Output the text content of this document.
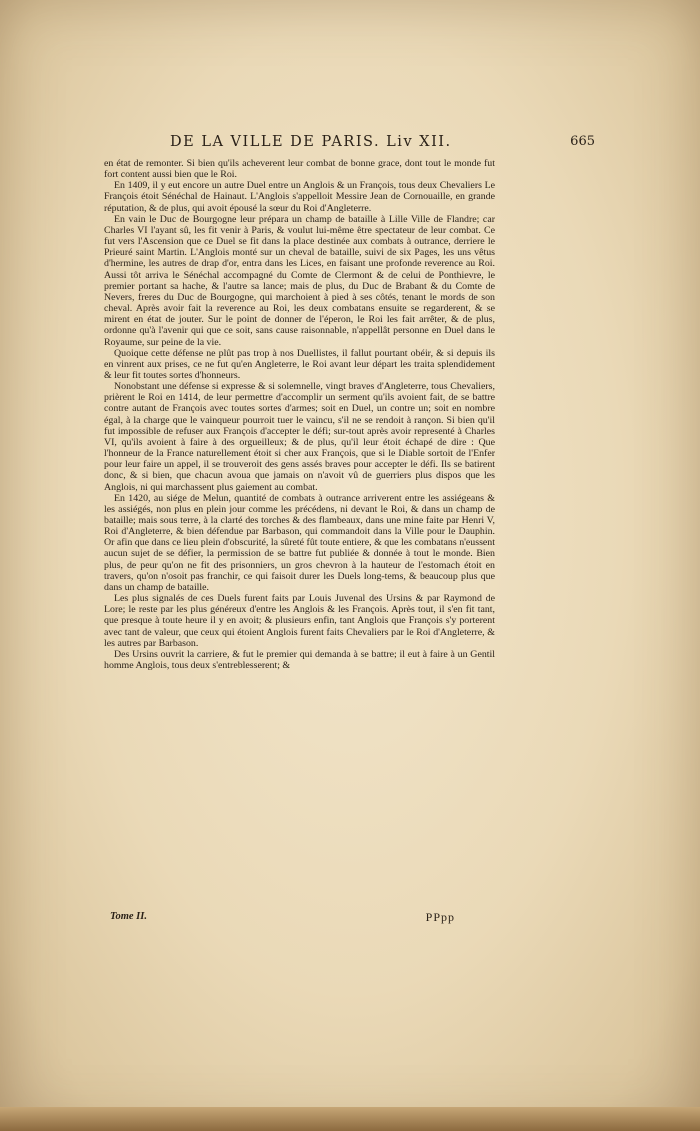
DE LA VILLE DE PARIS. Liv XII.	665

en état de remonter. Si bien qu'ils acheverent leur combat de bonne grace, dont tout le monde fut fort content aussi bien que le Roi.

En 1409, il y eut encore un autre Duel entre un Anglois & un François, tous deux Chevaliers Le François étoit Sénéchal de Hainaut. L'Anglois s'appelloit Messire Jean de Cornouaille, en grande réputation, & de plus, qui avoit épousé la sœur du Roi d'Angleterre.

En vain le Duc de Bourgogne leur prépara un champ de bataille à Lille Ville de Flandre; car Charles VI l'ayant sû, les fit venir à Paris, & voulut lui-même être spectateur de leur combat. Ce fut vers l'Ascension que ce Duel se fit dans la place destinée aux combats à outrance, derriere le Prieuré saint Martin. L'Anglois monté sur un cheval de bataille, suivi de six Pages, les uns vêtus d'hermine, les autres de drap d'or, entra dans les Lices, en faisant une profonde reverence au Roi. Aussi tôt arriva le Sénéchal accompagné du Comte de Clermont & de celui de Ponthievre, le premier portant sa hache, & l'autre sa lance; mais de plus, du Duc de Brabant & du Comte de Nevers, freres du Duc de Bourgogne, qui marchoient à pied à ses côtés, tenant le mords de son cheval. Après avoir fait la reverence au Roi, les deux combatans ensuite se regarderent, & se mirent en état de jouter. Sur le point de donner de l'éperon, le Roi les fait arrêter, & de plus, ordonne qu'à l'avenir qui que ce soit, sans cause raisonnable, n'appellât personne en Duel dans le Royaume, sur peine de la vie.

Quoique cette défense ne plût pas trop à nos Duellistes, il fallut pourtant obéir, & si depuis ils en vinrent aux prises, ce ne fut qu'en Angleterre, le Roi avant leur départ les traita splendidement & leur fit toutes sortes d'honneurs.

Nonobstant une défense si expresse & si solemnelle, vingt braves d'Angleterre, tous Chevaliers, prièrent le Roi en 1414, de leur permettre d'accomplir un serment qu'ils avoient fait, de se battre contre autant de François avec toutes sortes d'armes; soit en Duel, un contre un; soit en nombre égal, à la charge que le vainqueur pourroit tuer le vaincu, s'il ne se rendoit à rançon. Si bien qu'il fut impossible de refuser aux François d'accepter le défi; sur-tout après avoir representé à Charles VI, qu'ils avoient à faire à des orgueilleux; & de plus, qu'il leur étoit échapé de dire : Que l'honneur de la France naturellement étoit si cher aux François, que si le Diable sortoit de l'Enfer pour leur faire un appel, il se trouveroit des gens assés braves pour accepter le défi. Ils se batirent donc, & si bien, que chacun avoua que jamais on n'avoit vû de guerriers plus dispos que les Anglois, ni qui marchassent plus gaiement au combat.

En 1420, au siége de Melun, quantité de combats à outrance arriverent entre les assiégeans & les assiégés, non plus en plein jour comme les précédens, ni devant le Roi, & dans un champ de bataille; mais sous terre, à la clarté des torches & des flambeaux, dans une mine faite par Henri V, Roi d'Angleterre, & bien défendue par Barbason, qui commandoit dans la Ville pour le Dauphin. Or afin que dans ce lieu plein d'obscurité, la sûreté fût toute entiere, & que les combatans n'eussent aucun sujet de se défier, la permission de se battre fut publiée & donnée à tout le monde. Bien plus, de peur qu'on ne fit des prisonniers, un gros chevron à la hauteur de l'estomach étoit en travers, qu'on n'osoit pas franchir, ce qui faisoit durer les Duels long-tems, & beaucoup plus que dans un champ de bataille.

Les plus signalés de ces Duels furent faits par Louis Juvenal des Ursins & par Raymond de Lore; le reste par les plus généreux d'entre les Anglois & les François. Après tout, il s'en fit tant, que presque à toute heure il y en avoit; & plusieurs enfin, tant Anglois que François s'y porterent avec tant de valeur, que ceux qui étoient Anglois furent faits Chevaliers par le Roi d'Angleterre, & les autres par Barbason.

Des Ursins ouvrit la carriere, & fut le premier qui demanda à se battre; il eut à faire à un Gentil homme Anglois, tous deux s'entreblesserent; &

Tome II.	PPpp
